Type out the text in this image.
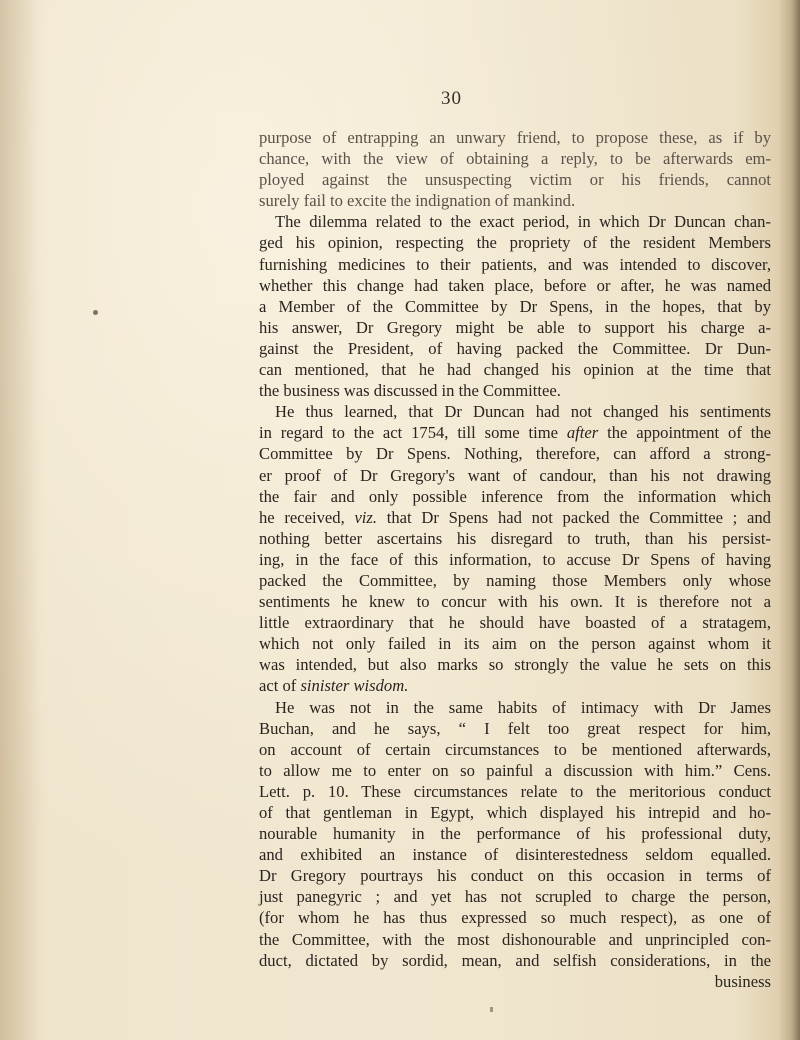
30
purpose of entrapping an unwary friend, to propose these, as if by
chance, with the view of obtaining a reply, to be afterwards em-
ployed against the unsuspecting victim or his friends, cannot
surely fail to excite the indignation of mankind.
The dilemma related to the exact period, in which Dr Duncan chan-
ged his opinion, respecting the propriety of the resident Members
furnishing medicines to their patients, and was intended to discover,
whether this change had taken place, before or after, he was named
a Member of the Committee by Dr Spens, in the hopes, that by
his answer, Dr Gregory might be able to support his charge a-
gainst the President, of having packed the Committee. Dr Dun-
can mentioned, that he had changed his opinion at the time that
the business was discussed in the Committee.
He thus learned, that Dr Duncan had not changed his sentiments
in regard to the act 1754, till some time after the appointment of the
Committee by Dr Spens. Nothing, therefore, can afford a strong-
er proof of Dr Gregory's want of candour, than his not drawing
the fair and only possible inference from the information which
he received, viz. that Dr Spens had not packed the Committee ; and
nothing better ascertains his disregard to truth, than his persist-
ing, in the face of this information, to accuse Dr Spens of having
packed the Committee, by naming those Members only whose
sentiments he knew to concur with his own. It is therefore not a
little extraordinary that he should have boasted of a stratagem,
which not only failed in its aim on the person against whom it
was intended, but also marks so strongly the value he sets on this
act of sinister wisdom.
He was not in the same habits of intimacy with Dr James
Buchan, and he says, “ I felt too great respect for him,
on account of certain circumstances to be mentioned afterwards,
to allow me to enter on so painful a discussion with him.” Cens.
Lett. p. 10. These circumstances relate to the meritorious conduct
of that gentleman in Egypt, which displayed his intrepid and ho-
nourable humanity in the performance of his professional duty,
and exhibited an instance of disinterestedness seldom equalled.
Dr Gregory pourtrays his conduct on this occasion in terms of
just panegyric ; and yet has not scrupled to charge the person,
(for whom he has thus expressed so much respect), as one of
the Committee, with the most dishonourable and unprincipled con-
duct, dictated by sordid, mean, and selfish considerations, in the
business
